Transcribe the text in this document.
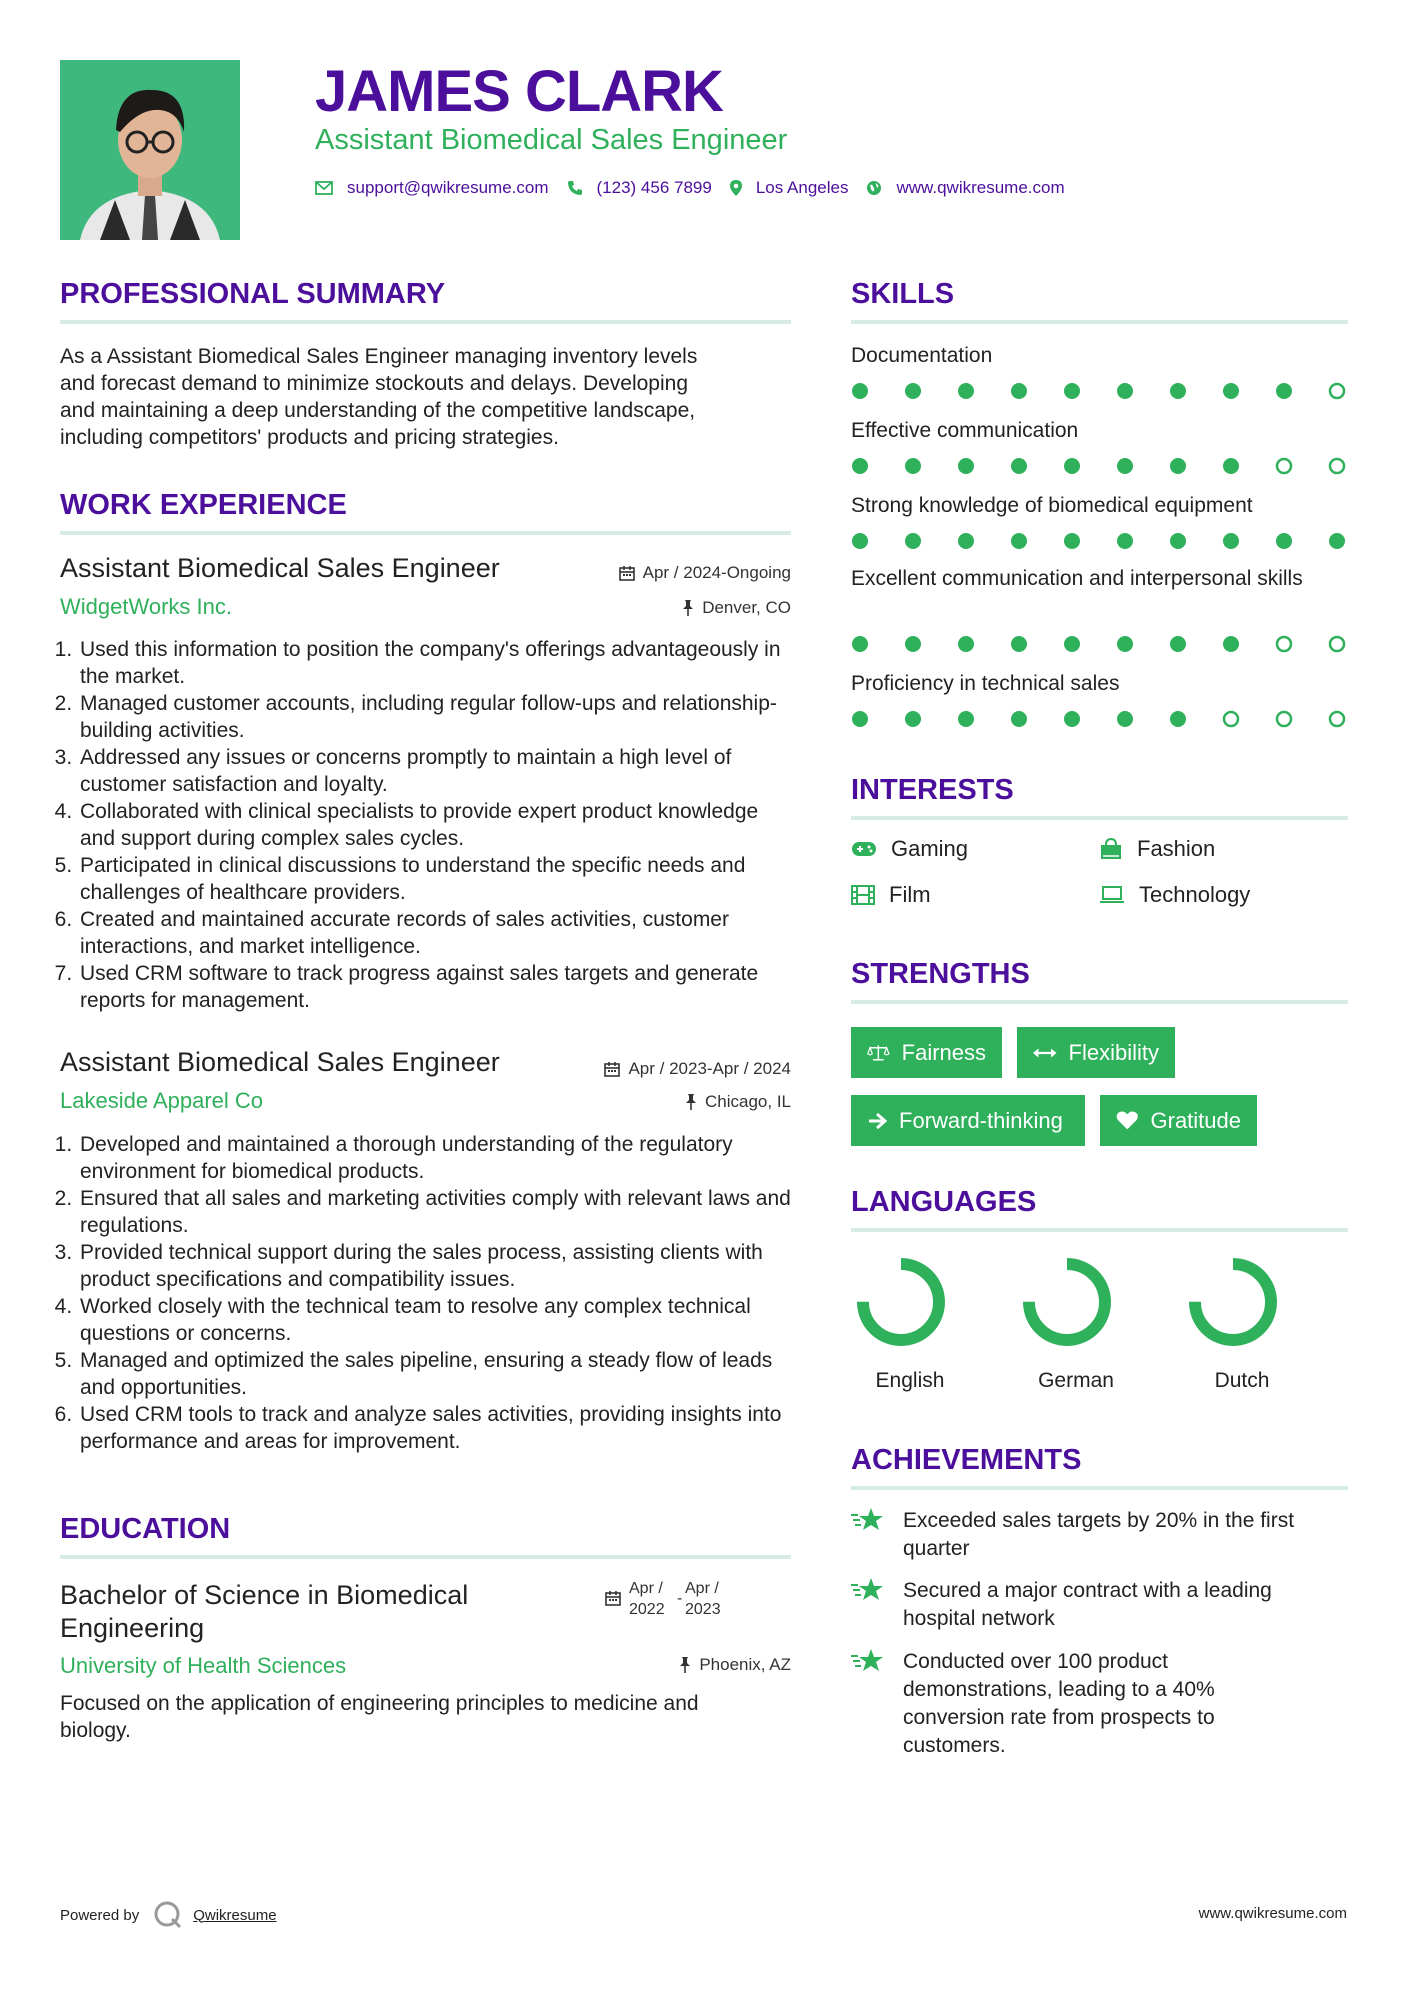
JAMES CLARK
Assistant Biomedical Sales Engineer
support@qwikresume.com	(123) 456 7899	Los Angeles	www.qwikresume.com
PROFESSIONAL SUMMARY
As a Assistant Biomedical Sales Engineer managing inventory levels
and forecast demand to minimize stockouts and delays. Developing
and maintaining a deep understanding of the competitive landscape,
including competitors' products and pricing strategies.
WORK EXPERIENCE
Assistant Biomedical Sales Engineer	Apr / 2024-Ongoing
WidgetWorks Inc.	Denver, CO
1. Used this information to position the company's offerings advantageously in the market.
2. Managed customer accounts, including regular follow-ups and relationship-building activities.
3. Addressed any issues or concerns promptly to maintain a high level of customer satisfaction and loyalty.
4. Collaborated with clinical specialists to provide expert product knowledge and support during complex sales cycles.
5. Participated in clinical discussions to understand the specific needs and challenges of healthcare providers.
6. Created and maintained accurate records of sales activities, customer interactions, and market intelligence.
7. Used CRM software to track progress against sales targets and generate reports for management.
Assistant Biomedical Sales Engineer	Apr / 2023-Apr / 2024
Lakeside Apparel Co	Chicago, IL
1. Developed and maintained a thorough understanding of the regulatory environment for biomedical products.
2. Ensured that all sales and marketing activities comply with relevant laws and regulations.
3. Provided technical support during the sales process, assisting clients with product specifications and compatibility issues.
4. Worked closely with the technical team to resolve any complex technical questions or concerns.
5. Managed and optimized the sales pipeline, ensuring a steady flow of leads and opportunities.
6. Used CRM tools to track and analyze sales activities, providing insights into performance and areas for improvement.
EDUCATION
Bachelor of Science in Biomedical
Engineering
Apr /
2022
-
Apr /
2023
University of Health Sciences	Phoenix, AZ
Focused on the application of engineering principles to medicine and
biology.
SKILLS
Documentation
Effective communication
Strong knowledge of biomedical equipment
Excellent communication and interpersonal skills
Proficiency in technical sales
INTERESTS
Gaming	Fashion
Film	Technology
STRENGTHS
Fairness	Flexibility
Forward-thinking	Gratitude
LANGUAGES
English	German	Dutch
ACHIEVEMENTS
Exceeded sales targets by 20% in the first
quarter
Secured a major contract with a leading
hospital network
Conducted over 100 product
demonstrations, leading to a 40%
conversion rate from prospects to
customers.
Powered by	Qwikresume	www.qwikresume.com
